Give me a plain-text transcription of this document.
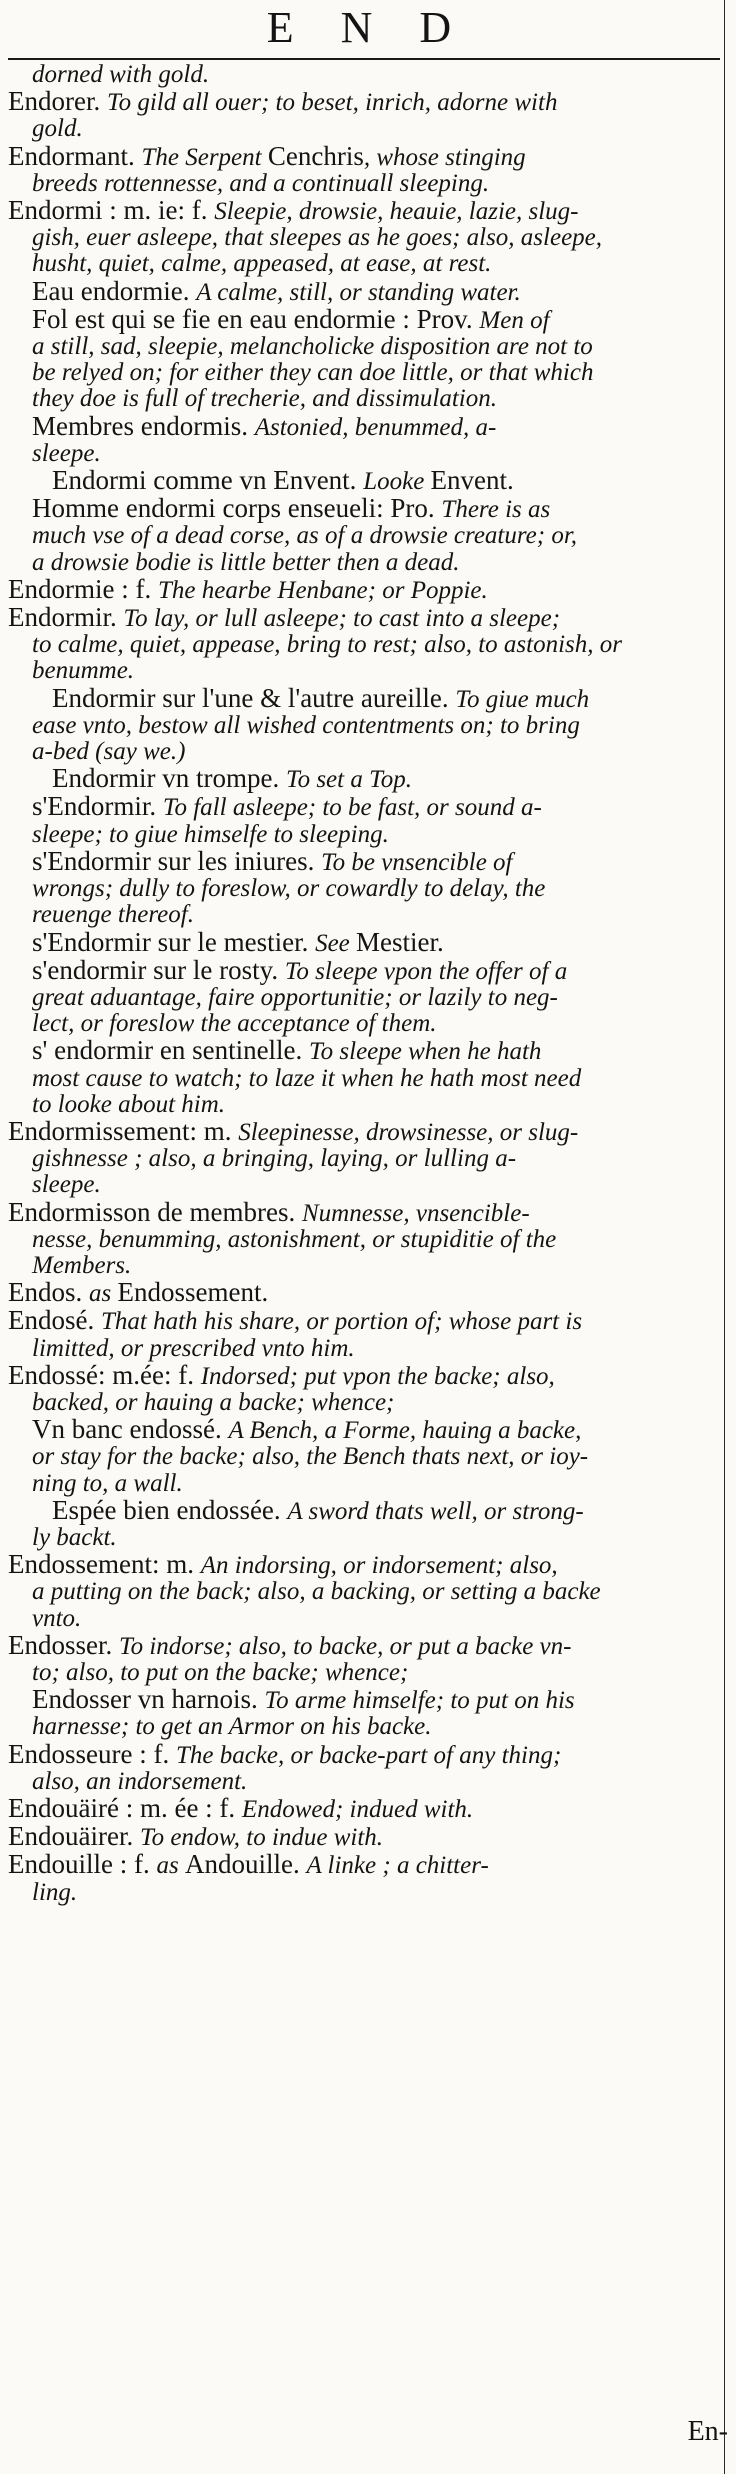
E N D
dorned with gold.
Endorer. To gild all ouer; to beset, inrich, adorne with
gold.
Endormant. The Serpent Cenchris, whose stinging
breeds rottennesse, and a continuall sleeping.
Endormi : m. ie: f. Sleepie, drowsie, heauie, lazie, slug-
gish, euer asleepe, that sleepes as he goes; also, asleepe,
husht, quiet, calme, appeased, at ease, at rest.
Eau endormie. A calme, still, or standing water.
Fol est qui se fie en eau endormie : Prov. Men of
a still, sad, sleepie, melancholicke disposition are not to
be relyed on; for either they can doe little, or that which
they doe is full of trecherie, and dissimulation.
Membres endormis. Astonied, benummed, a-
sleepe.
Endormi comme vn Envent. Looke Envent.
Homme endormi corps enseueli: Pro. There is as
much vse of a dead corse, as of a drowsie creature; or,
a drowsie bodie is little better then a dead.
Endormie : f. The hearbe Henbane; or Poppie.
Endormir. To lay, or lull asleepe; to cast into a sleepe;
to calme, quiet, appease, bring to rest; also, to astonish, or
benumme.
Endormir sur l'une & l'autre aureille. To giue much
ease vnto, bestow all wished contentments on; to bring
a-bed (say we.)
Endormir vn trompe. To set a Top.
s'Endormir. To fall asleepe; to be fast, or sound a-
sleepe; to giue himselfe to sleeping.
s'Endormir sur les iniures. To be vnsencible of
wrongs; dully to foreslow, or cowardly to delay, the
reuenge thereof.
s'Endormir sur le mestier. See Mestier.
s'endormir sur le rosty. To sleepe vpon the offer of a
great aduantage, faire opportunitie; or lazily to neg-
lect, or foreslow the acceptance of them.
s' endormir en sentinelle. To sleepe when he hath
most cause to watch; to laze it when he hath most need
to looke about him.
Endormissement: m. Sleepinesse, drowsinesse, or slug-
gishnesse ; also, a bringing, laying, or lulling a-
sleepe.
Endormisson de membres. Numnesse, vnsencible-
nesse, benumming, astonishment, or stupiditie of the
Members.
Endos. as Endossement.
Endosé. That hath his share, or portion of; whose part is
limitted, or prescribed vnto him.
Endossé: m.ée: f. Indorsed; put vpon the backe; also,
backed, or hauing a backe; whence;
Vn banc endossé. A Bench, a Forme, hauing a backe,
or stay for the backe; also, the Bench thats next, or ioy-
ning to, a wall.
Espée bien endossée. A sword thats well, or strong-
ly backt.
Endossement: m. An indorsing, or indorsement; also,
a putting on the back; also, a backing, or setting a backe
vnto.
Endosser. To indorse; also, to backe, or put a backe vn-
to; also, to put on the backe; whence;
Endosser vn harnois. To arme himselfe; to put on his
harnesse; to get an Armor on his backe.
Endosseure : f. The backe, or backe-part of any thing;
also, an indorsement.
Endouäiré : m. ée : f. Endowed; indued with.
Endouäirer. To endow, to indue with.
Endouille : f. as Andouille. A linke ; a chitter-
ling.
En-
